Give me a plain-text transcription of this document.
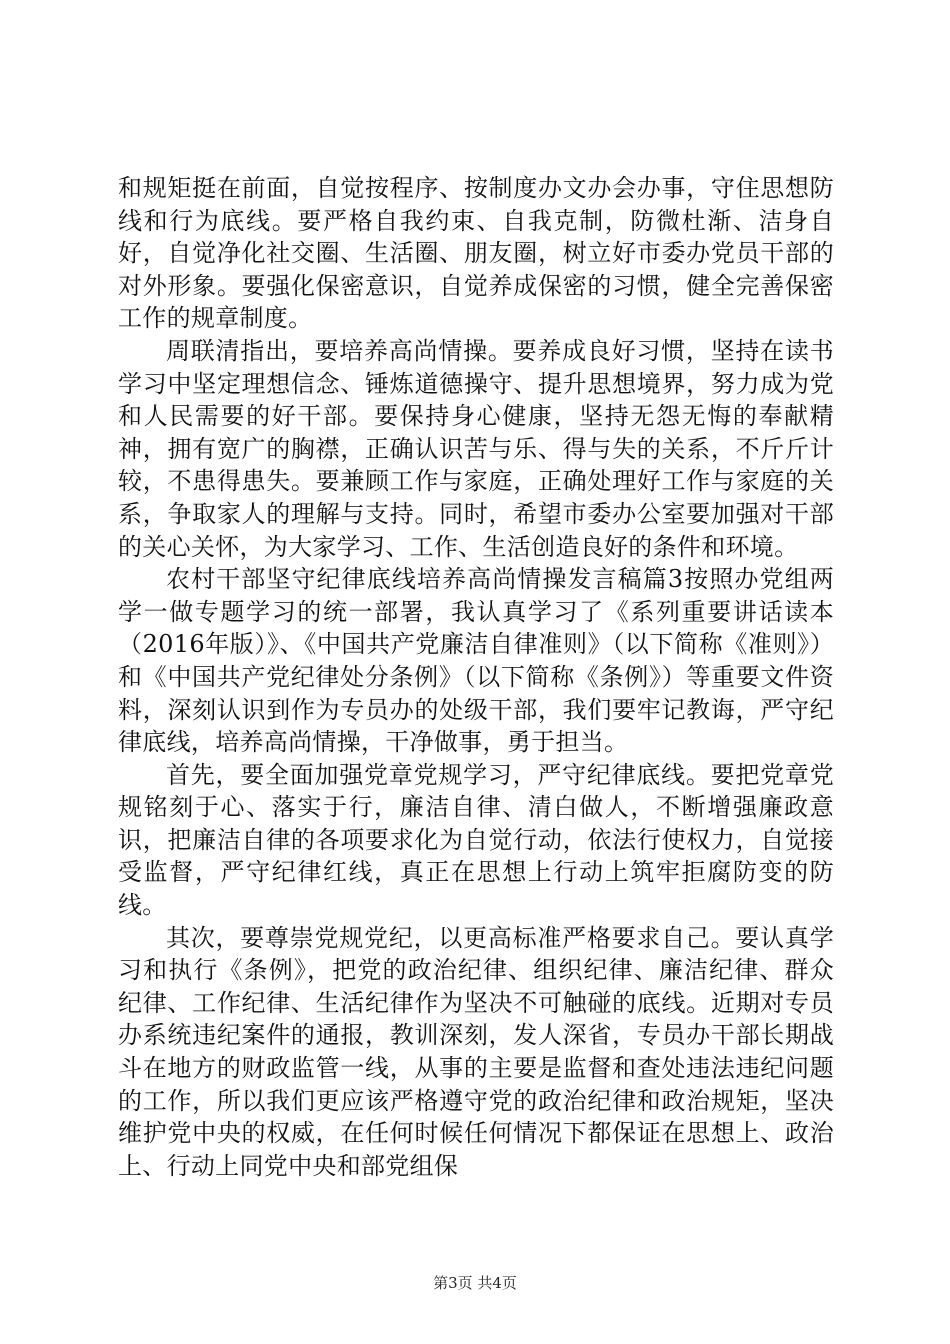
和规矩挺在前面，自觉按程序、按制度办文办会办事，守住思想防线和行为底线。要严格自我约束、自我克制，防微杜渐、洁身自好，自觉净化社交圈、生活圈、朋友圈，树立好市委办党员干部的对外形象。要强化保密意识，自觉养成保密的习惯，健全完善保密工作的规章制度。

周联清指出，要培养高尚情操。要养成良好习惯，坚持在读书学习中坚定理想信念、锤炼道德操守、提升思想境界，努力成为党和人民需要的好干部。要保持身心健康，坚持无怨无悔的奉献精神，拥有宽广的胸襟，正确认识苦与乐、得与失的关系，不斤斤计较，不患得患失。要兼顾工作与家庭，正确处理好工作与家庭的关系，争取家人的理解与支持。同时，希望市委办公室要加强对干部的关心关怀，为大家学习、工作、生活创造良好的条件和环境。

农村干部坚守纪律底线培养高尚情操发言稿篇3按照办党组两学一做专题学习的统一部署，我认真学习了《系列重要讲话读本（2016年版）》、《中国共产党廉洁自律准则》（以下简称《准则》）和《中国共产党纪律处分条例》（以下简称《条例》）等重要文件资料，深刻认识到作为专员办的处级干部，我们要牢记教诲，严守纪律底线，培养高尚情操，干净做事，勇于担当。

首先，要全面加强党章党规学习，严守纪律底线。要把党章党规铭刻于心、落实于行，廉洁自律、清白做人，不断增强廉政意识，把廉洁自律的各项要求化为自觉行动，依法行使权力，自觉接受监督，严守纪律红线，真正在思想上行动上筑牢拒腐防变的防线。

其次，要尊崇党规党纪，以更高标准严格要求自己。要认真学习和执行《条例》，把党的政治纪律、组织纪律、廉洁纪律、群众纪律、工作纪律、生活纪律作为坚决不可触碰的底线。近期对专员办系统违纪案件的通报，教训深刻，发人深省，专员办干部长期战斗在地方的财政监管一线，从事的主要是监督和查处违法违纪问题的工作，所以我们更应该严格遵守党的政治纪律和政治规矩，坚决维护党中央的权威，在任何时候任何情况下都保证在思想上、政治上、行动上同党中央和部党组保

第3页 共4页
